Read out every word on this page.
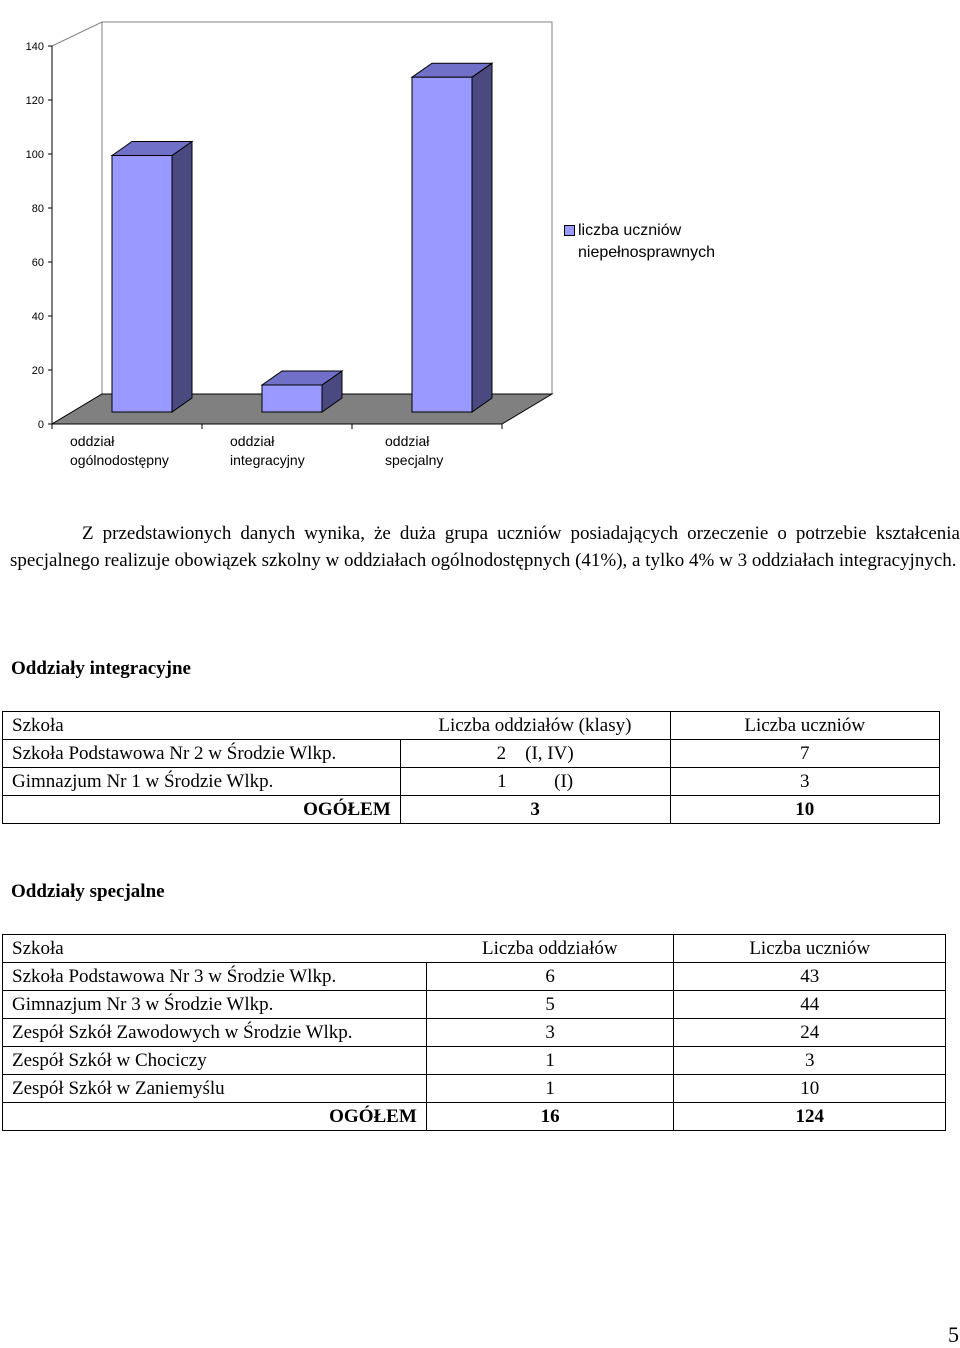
0
20
40
60
80
100
120
140
oddział
ogólnodostępny
oddział
integracyjny
oddział
specjalny
liczba uczniów
niepełnosprawnych

Z przedstawionych danych wynika, że duża grupa uczniów posiadających orzeczenie o potrzebie kształcenia specjalnego realizuje obowiązek szkolny w oddziałach ogólnodostępnych (41%), a tylko 4% w 3 oddziałach integracyjnych.

Oddziały integracyjne
Szkoła	Liczba oddziałów (klasy)	Liczba uczniów
Szkoła Podstawowa Nr 2 w Środzie Wlkp.	2 (I, IV)	7
Gimnazjum Nr 1 w Środzie Wlkp.	1 (I)	3
OGÓŁEM	3	10
Oddziały specjalne
Szkoła	Liczba oddziałów	Liczba uczniów
Szkoła Podstawowa Nr 3 w Środzie Wlkp.	6	43
Gimnazjum Nr 3 w Środzie Wlkp.	5	44
Zespół Szkół Zawodowych w Środzie Wlkp.	3	24
Zespół Szkół w Chociczy	1	3
Zespół Szkół w Zaniemyślu	1	10
OGÓŁEM	16	124
5
